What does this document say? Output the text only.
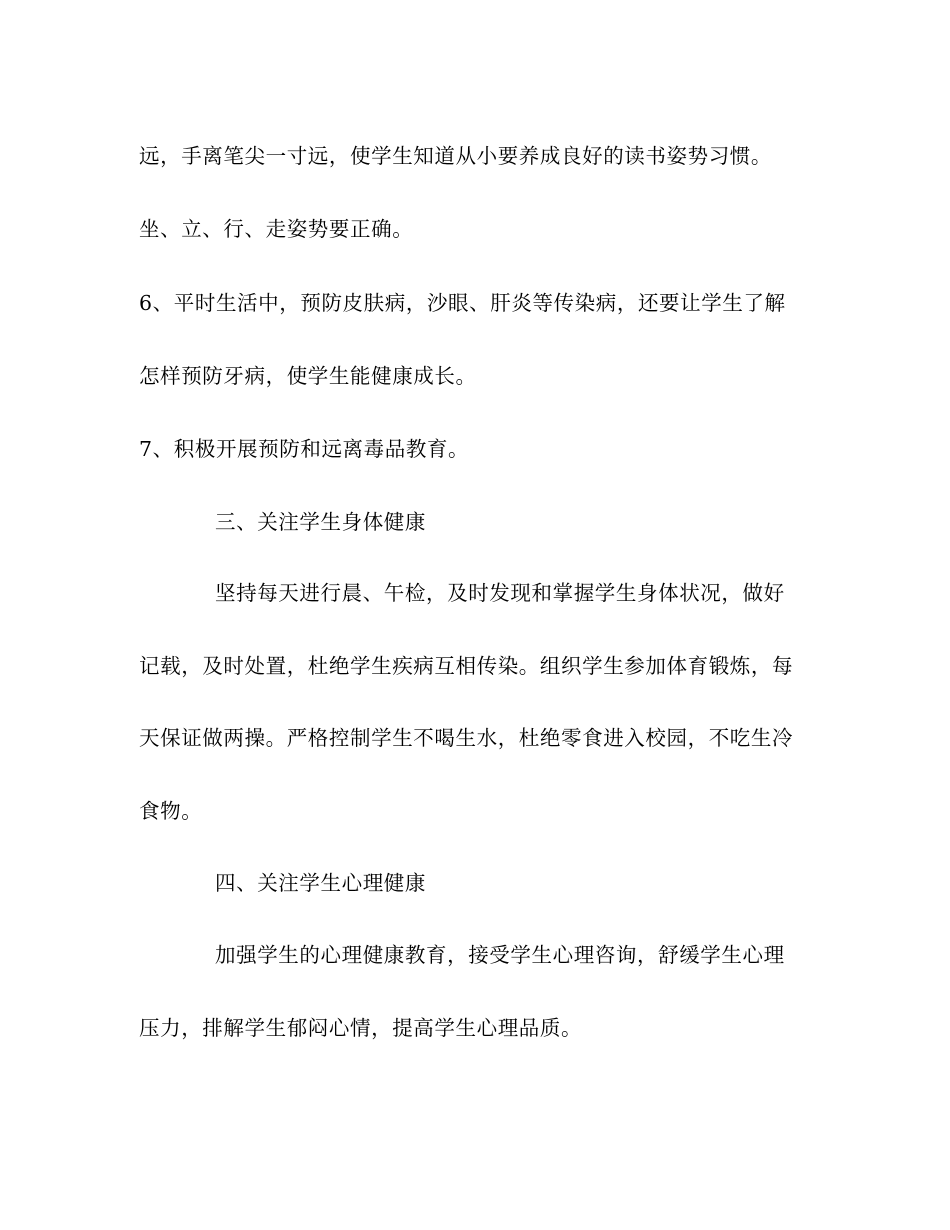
远，手离笔尖一寸远，使学生知道从小要养成良好的读书姿势习惯。
坐、立、行、走姿势要正确。
6、平时生活中，预防皮肤病，沙眼、肝炎等传染病，还要让学生了解
怎样预防牙病，使学生能健康成长。
7、积极开展预防和远离毒品教育。
三、关注学生身体健康
坚持每天进行晨、午检，及时发现和掌握学生身体状况，做好
记载，及时处置，杜绝学生疾病互相传染。组织学生参加体育锻炼，每
天保证做两操。严格控制学生不喝生水，杜绝零食进入校园，不吃生冷
食物。
四、关注学生心理健康
加强学生的心理健康教育，接受学生心理咨询，舒缓学生心理
压力，排解学生郁闷心情，提高学生心理品质。
